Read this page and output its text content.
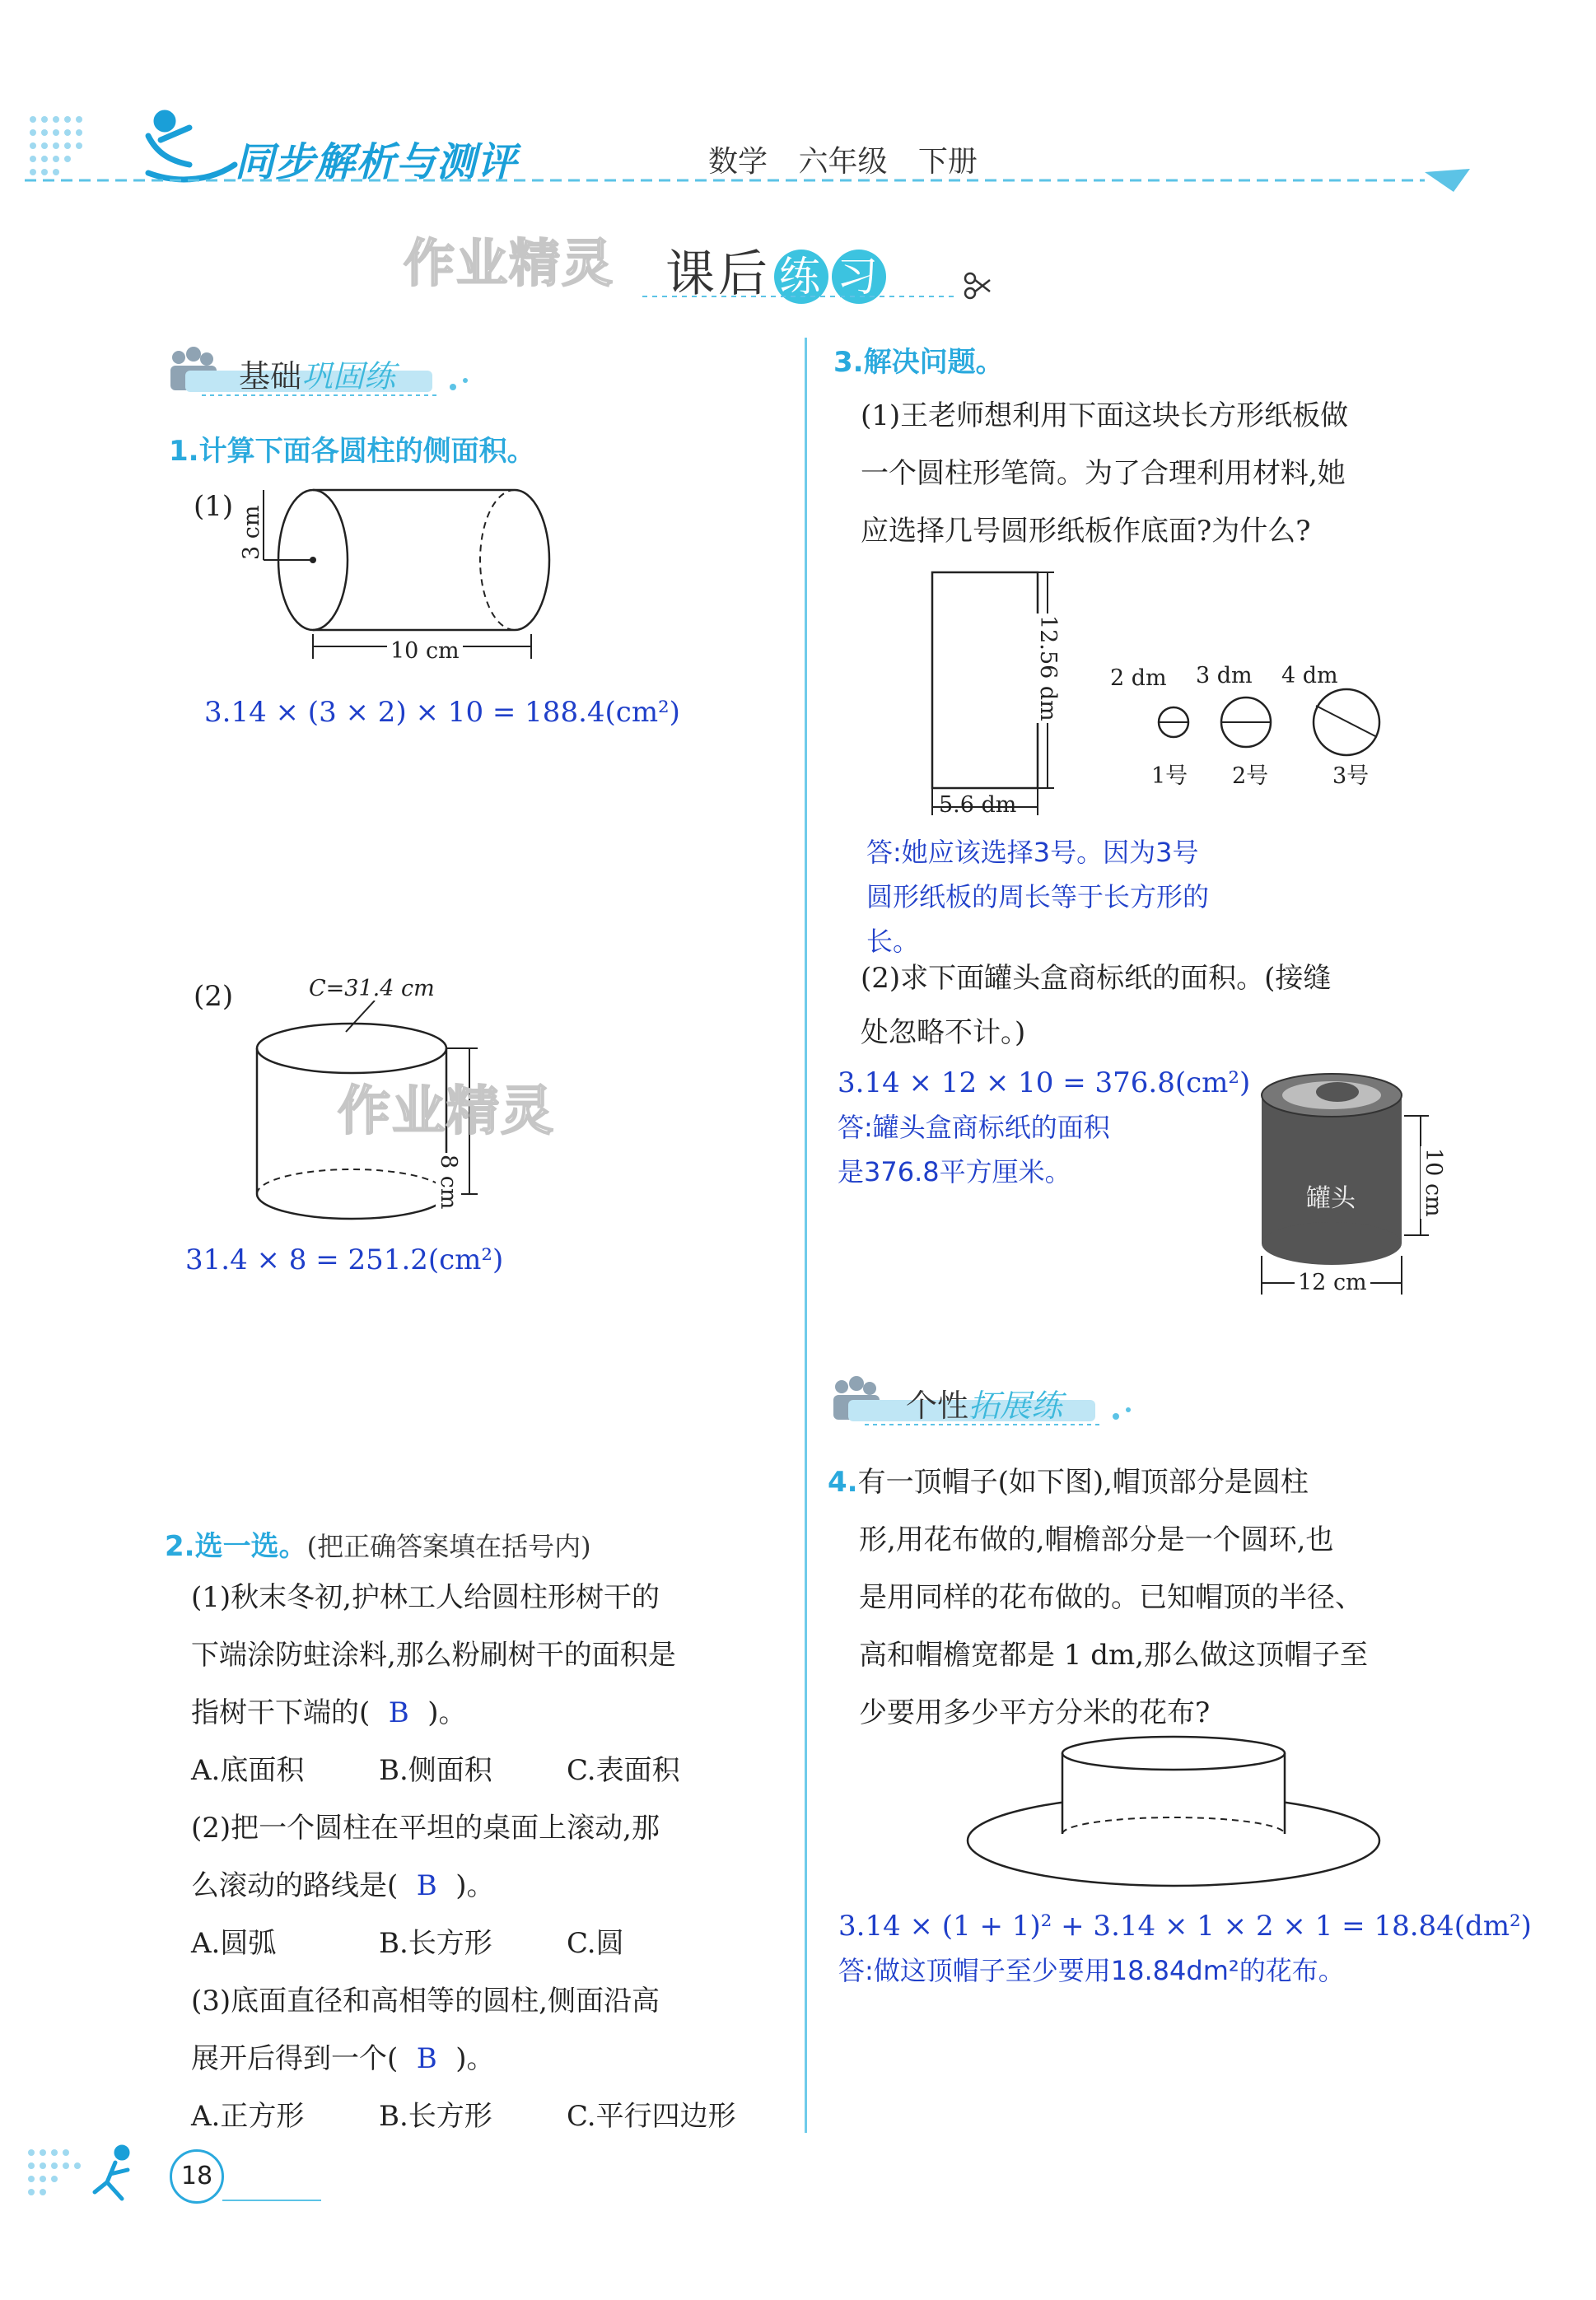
同步解析与测评	数学 六年级 下册
作业精灵 课后 练 习
基础巩固练
1.计算下面各圆柱的侧面积。
(1) 3 cm
10 cm
3.14 × (3 × 2) × 10 = 188.4(cm²)
(2)	C=31.4 cm
8 cm
作业精灵
31.4 × 8 = 251.2(cm²)
2.选一选。(把正确答案填在括号内)
(1)秋末冬初,护林工人给圆柱形树干的
下端涂防蛀涂料,那么粉刷树干的面积是
指树干下端的( B )。
A.底面积	B.侧面积	C.表面积
(2)把一个圆柱在平坦的桌面上滚动,那
么滚动的路线是( B )。
A.圆弧	B.长方形	C.圆
(3)底面直径和高相等的圆柱,侧面沿高
展开后得到一个( B )。
A.正方形	B.长方形	C.平行四边形
3.解决问题。
(1)王老师想利用下面这块长方形纸板做
一个圆柱形笔筒。为了合理利用材料,她
应选择几号圆形纸板作底面?为什么?
12.56 dm
5.6 dm
2 dm 3 dm 4 dm
1号 2号	3号
答:她应该选择3号。因为3号
圆形纸板的周长等于长方形的
长。
(2)求下面罐头盒商标纸的面积。(接缝
处忽略不计。)
3.14 × 12 × 10 = 376.8(cm²)
答:罐头盒商标纸的面积
是376.8平方厘米。
罐头	10 cm
12 cm
个性拓展练
4.有一顶帽子(如下图),帽顶部分是圆柱
形,用花布做的,帽檐部分是一个圆环,也
是用同样的花布做的。已知帽顶的半径、
高和帽檐宽都是 1 dm,那么做这顶帽子至
少要用多少平方分米的花布?
3.14 × (1 + 1)² + 3.14 × 1 × 2 × 1 = 18.84(dm²)
答:做这顶帽子至少要用18.84dm²的花布。
18
